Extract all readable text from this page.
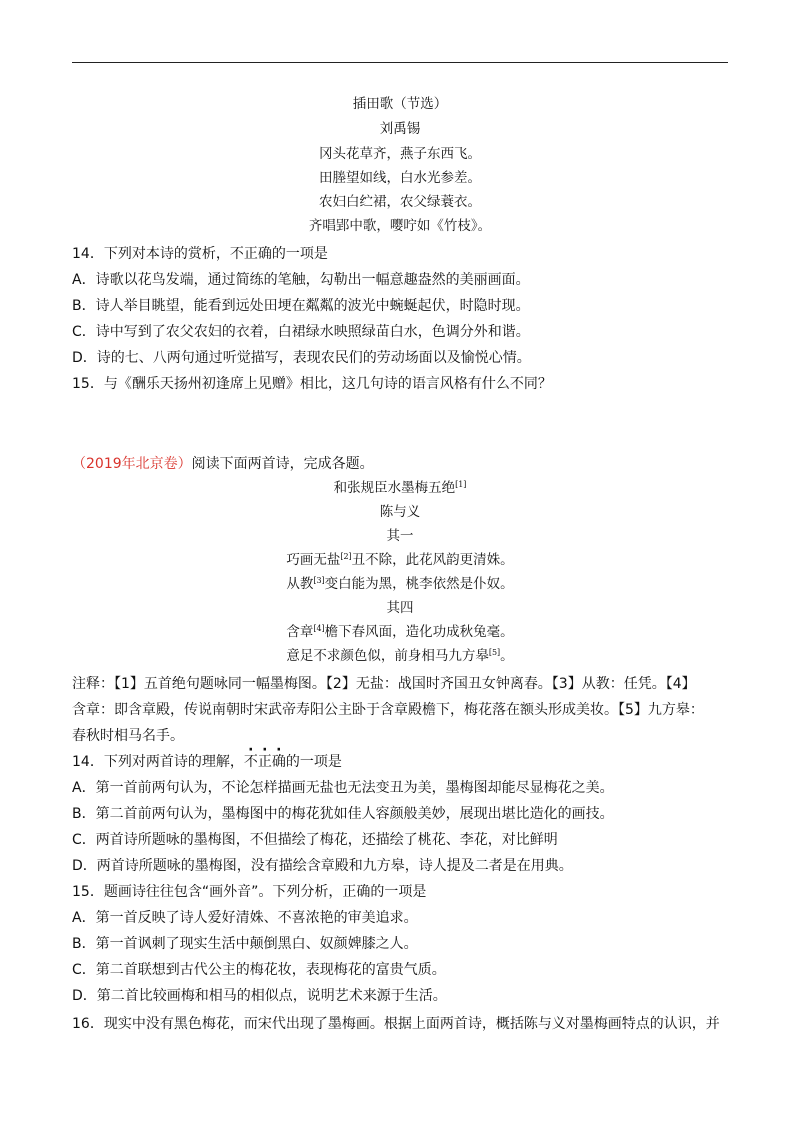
插田歌（节选）
刘禹锡
冈头花草齐，燕子东西飞。
田塍望如线，白水光参差。
农妇白纻裙，农父绿蓑衣。
齐唱郢中歌，嘤咛如《竹枝》。
14．下列对本诗的赏析，不正确的一项是
A．诗歌以花鸟发端，通过简练的笔触，勾勒出一幅意趣盎然的美丽画面。
B．诗人举目眺望，能看到远处田埂在粼粼的波光中蜿蜒起伏，时隐时现。
C．诗中写到了农父农妇的衣着，白裙绿水映照绿苗白水，色调分外和谐。
D．诗的七、八两句通过听觉描写，表现农民们的劳动场面以及愉悦心情。
15．与《酬乐天扬州初逢席上见赠》相比，这几句诗的语言风格有什么不同？
（2019年北京卷）阅读下面两首诗，完成各题。
和张规臣水墨梅五绝[1]
陈与义
其一
巧画无盐[2]丑不除，此花风韵更清姝。
从教[3]变白能为黑，桃李依然是仆奴。
其四
含章[4]檐下春风面，造化功成秋兔毫。
意足不求颜色似，前身相马九方皋[5]。
注释：【1】五首绝句题咏同一幅墨梅图。【2】无盐：战国时齐国丑女钟离春。【3】从教：任凭。【4】
含章：即含章殿，传说南朝时宋武帝寿阳公主卧于含章殿檐下，梅花落在额头形成美妆。【5】九方皋：
春秋时相马名手。
14．下列对两首诗的理解，不正确的一项是
A．第一首前两句认为，不论怎样描画无盐也无法变丑为美，墨梅图却能尽显梅花之美。
B．第二首前两句认为，墨梅图中的梅花犹如佳人容颜般美妙，展现出堪比造化的画技。
C．两首诗所题咏的墨梅图，不但描绘了梅花，还描绘了桃花、李花，对比鲜明
D．两首诗所题咏的墨梅图，没有描绘含章殿和九方皋，诗人提及二者是在用典。
15．题画诗往往包含“画外音”。下列分析，正确的一项是
A．第一首反映了诗人爱好清姝、不喜浓艳的审美追求。
B．第一首讽刺了现实生活中颠倒黑白、奴颜婢膝之人。
C．第二首联想到古代公主的梅花妆，表现梅花的富贵气质。
D．第二首比较画梅和相马的相似点，说明艺术来源于生活。
16．现实中没有黑色梅花，而宋代出现了墨梅画。根据上面两首诗，概括陈与义对墨梅画特点的认识，并
